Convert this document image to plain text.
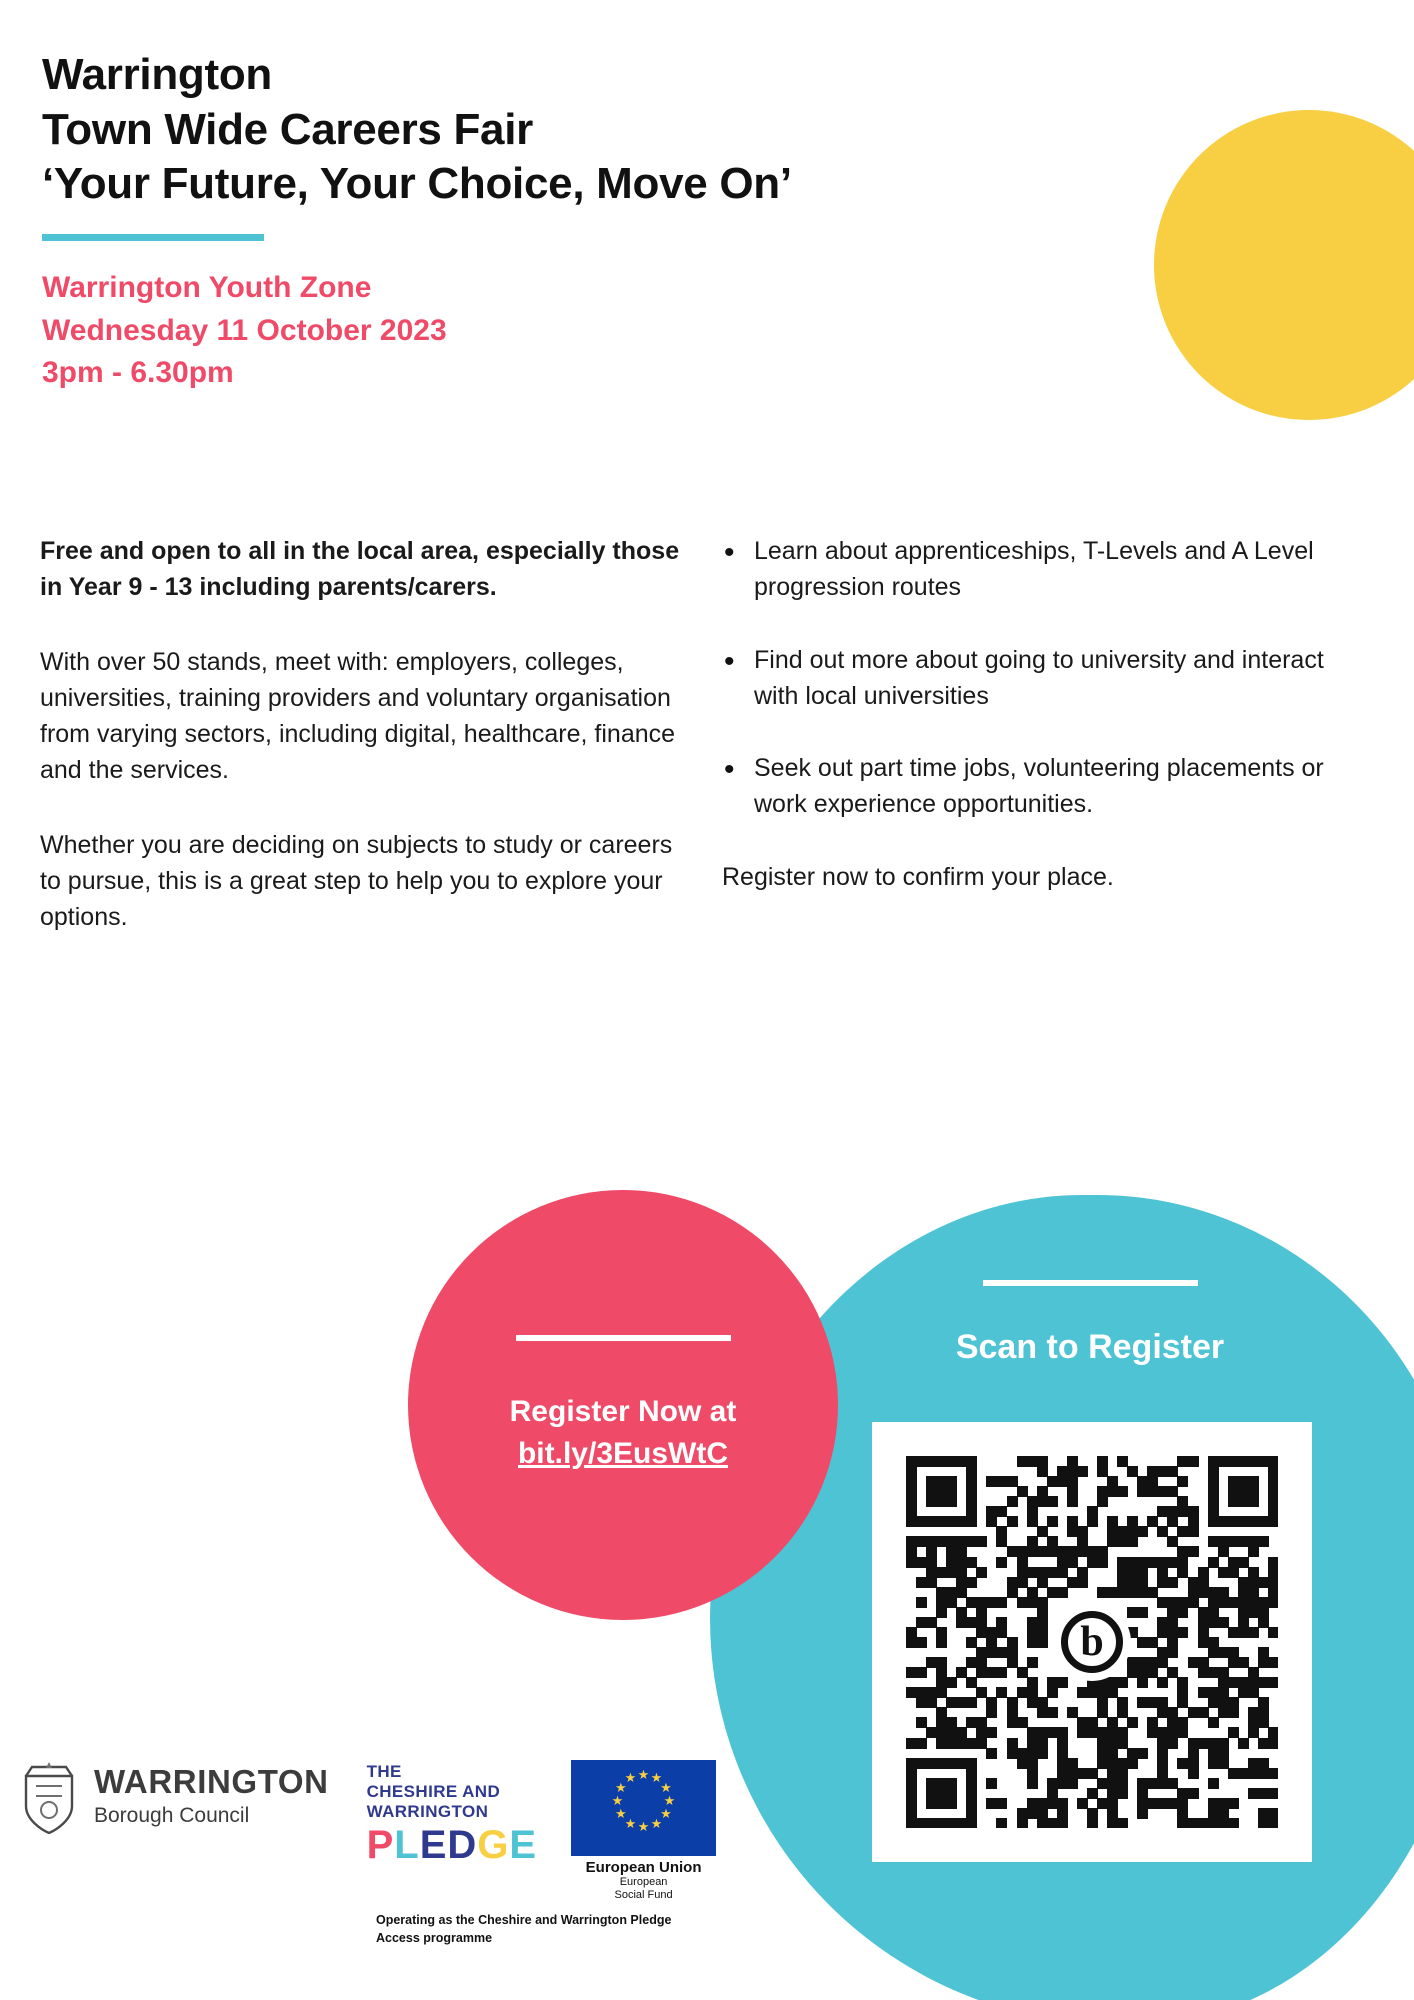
Warrington
Town Wide Careers Fair
‘Your Future, Your Choice, Move On’
Warrington Youth Zone
Wednesday 11 October 2023
3pm - 6.30pm

Free and open to all in the local area, especially those in Year 9 - 13 including parents/carers.

With over 50 stands, meet with: employers, colleges, universities, training providers and voluntary organisation from varying sectors, including digital, healthcare, finance and the services.

Whether you are deciding on subjects to study or careers to pursue, this is a great step to help you to explore your options.

• Learn about apprenticeships, T-Levels and A Level progression routes
• Find out more about going to university and interact with local universities
• Seek out part time jobs, volunteering placements or work experience opportunities.

Register now to confirm your place.

Register Now at
bit.ly/3EusWtC
Scan to Register
b
WARRINGTON
Borough Council
THE
CHESHIRE AND
WARRINGTON
PLEDGE
★ ★
★
★
★
★
★
★
★
★
★
★
European Union
European
Social Fund
Operating as the Cheshire and Warrington Pledge Access programme
